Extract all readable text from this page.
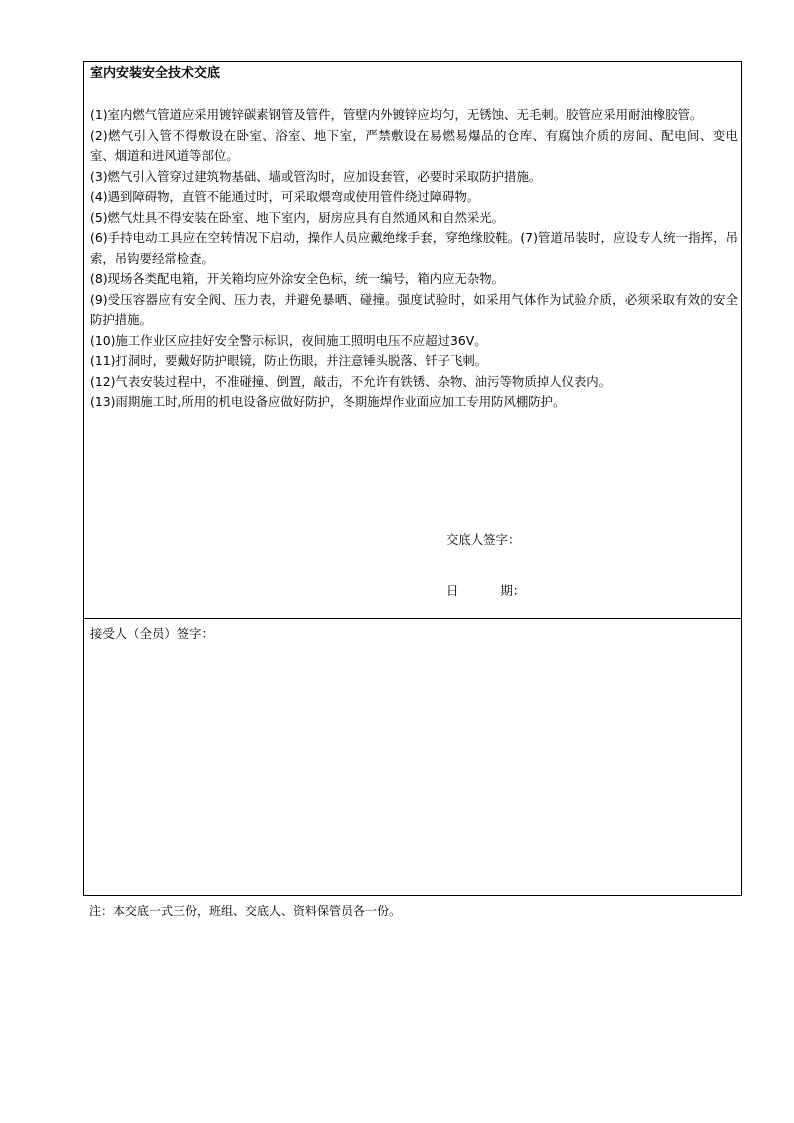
室内安装安全技术交底
(1)室内燃气管道应采用镀锌碳素钢管及管件，管壁内外镀锌应均匀，无锈蚀、无毛刺。胶管应采用耐油橡胶管。
(2)燃气引入管不得敷设在卧室、浴室、地下室，严禁敷设在易燃易爆品的仓库、有腐蚀介质的房间、配电间、变电室、烟道和进风道等部位。
(3)燃气引入管穿过建筑物基础、墙或管沟时，应加设套管，必要时采取防护措施。
(4)遇到障碍物，直管不能通过时，可采取煨弯或使用管件绕过障碍物。
(5)燃气灶具不得安装在卧室、地下室内，厨房应具有自然通风和自然采光。
(6)手持电动工具应在空转情况下启动，操作人员应戴绝缘手套，穿绝缘胶鞋。(7)管道吊装时，应设专人统一指挥，吊索，吊钩要经常检查。
(8)现场各类配电箱，开关箱均应外涂安全色标，统一编号，箱内应无杂物。
(9)受压容器应有安全阀、压力表，并避免暴晒、碰撞。强度试验时，如采用气体作为试验介质，必须采取有效的安全防护措施。
(10)施工作业区应挂好安全警示标识，夜间施工照明电压不应超过36V。
(11)打洞时，要戴好防护眼镜，防止伤眼，并注意锤头脱落、钎子飞刺。
(12)气表安装过程中，不准碰撞、倒置，敲击，不允许有铁锈、杂物、油污等物质掉人仪表内。
(13)雨期施工时,所用的机电设备应做好防护，冬期施焊作业面应加工专用防风棚防护。
交底人签字：
日	期：
接受人（全员）签字：
注：本交底一式三份，班组、交底人、资料保管员各一份。
